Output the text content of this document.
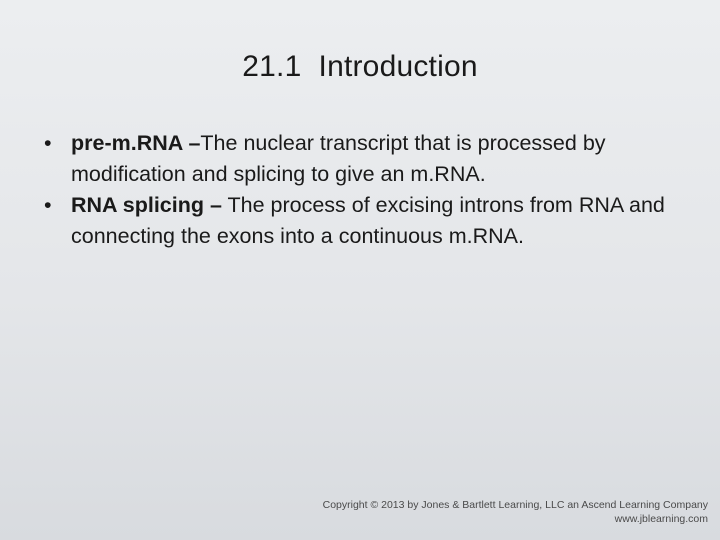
21.1  Introduction
• pre-m.RNA –The nuclear transcript that is processed by modification and splicing to give an m.RNA.
• RNA splicing – The process of excising introns from RNA and connecting the exons into a continuous m.RNA.
Copyright © 2013 by Jones & Bartlett Learning, LLC an Ascend Learning Company
www.jblearning.com
